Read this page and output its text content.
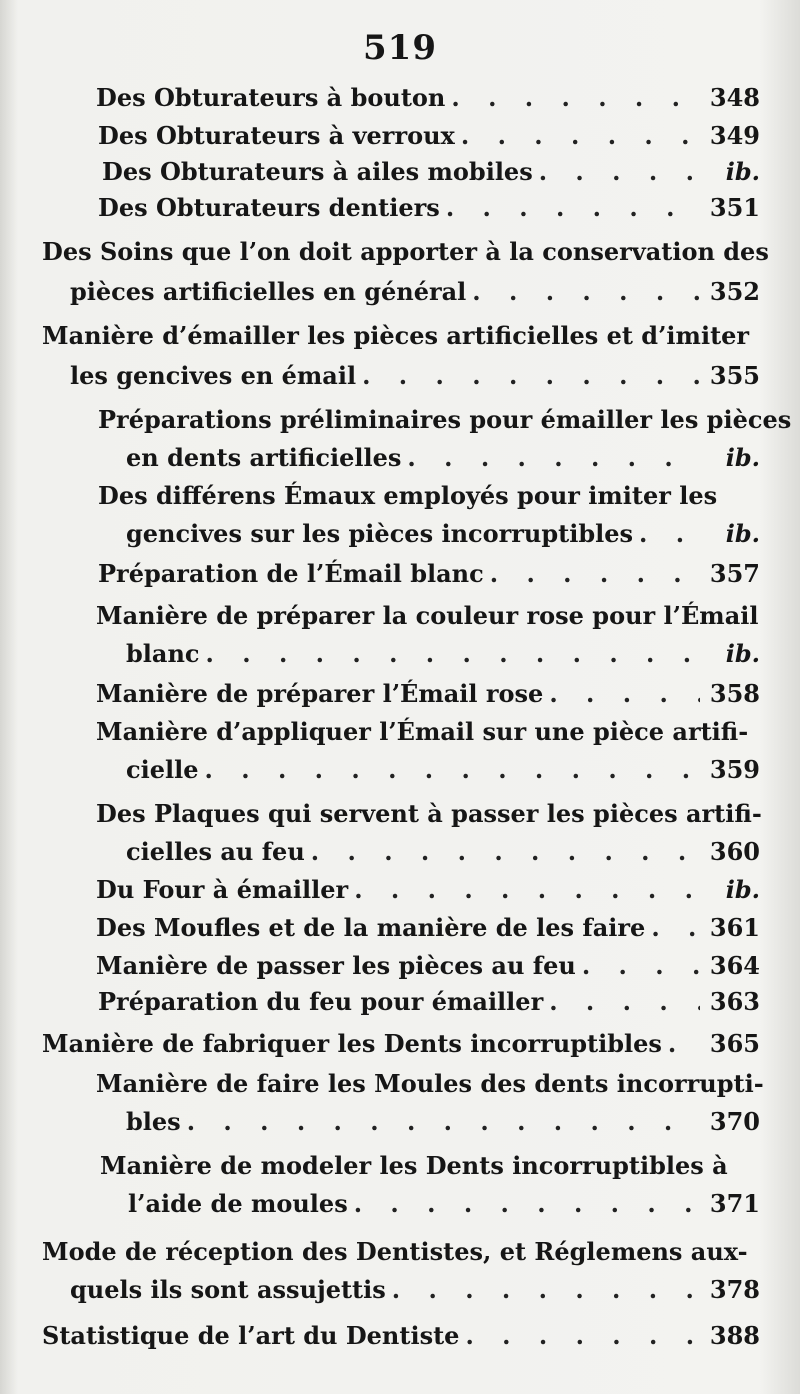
519
Des Obturateurs à bouton . . .	348
Des Obturateurs à verroux . . .	349
Des Obturateurs à ailes mobiles . . .	ib.
Des Obturateurs dentiers . . .	351
Des Soins que l’on doit apporter à la conservation des
pièces artificielles en général . . .	352
Manière d’émailler les pièces artificielles et d’imiter
les gencives en émail . . .	355
Préparations préliminaires pour émailler les pièces
en dents artificielles . . .	ib.
Des différens Émaux employés pour imiter les
gencives sur les pièces incorruptibles . . .	ib.
Préparation de l’Émail blanc . . .	357
Manière de préparer la couleur rose pour l’Émail
blanc . . .	ib.
Manière de préparer l’Émail rose . . .	358
Manière d’appliquer l’Émail sur une pièce artifi-
cielle . . .	359
Des Plaques qui servent à passer les pièces artifi-
cielles au feu . . .	360
Du Four à émailler . . .	ib.
Des Moufles et de la manière de les faire . . .	361
Manière de passer les pièces au feu . . .	364
Préparation du feu pour émailler . . .	363
Manière de fabriquer les Dents incorruptibles . . .	365
Manière de faire les Moules des dents incorrupti-
bles . . .	370
Manière de modeler les Dents incorruptibles à
l’aide de moules . . .	371
Mode de réception des Dentistes, et Réglemens aux-
quels ils sont assujettis . . .	378
Statistique de l’art du Dentiste . . .	388
